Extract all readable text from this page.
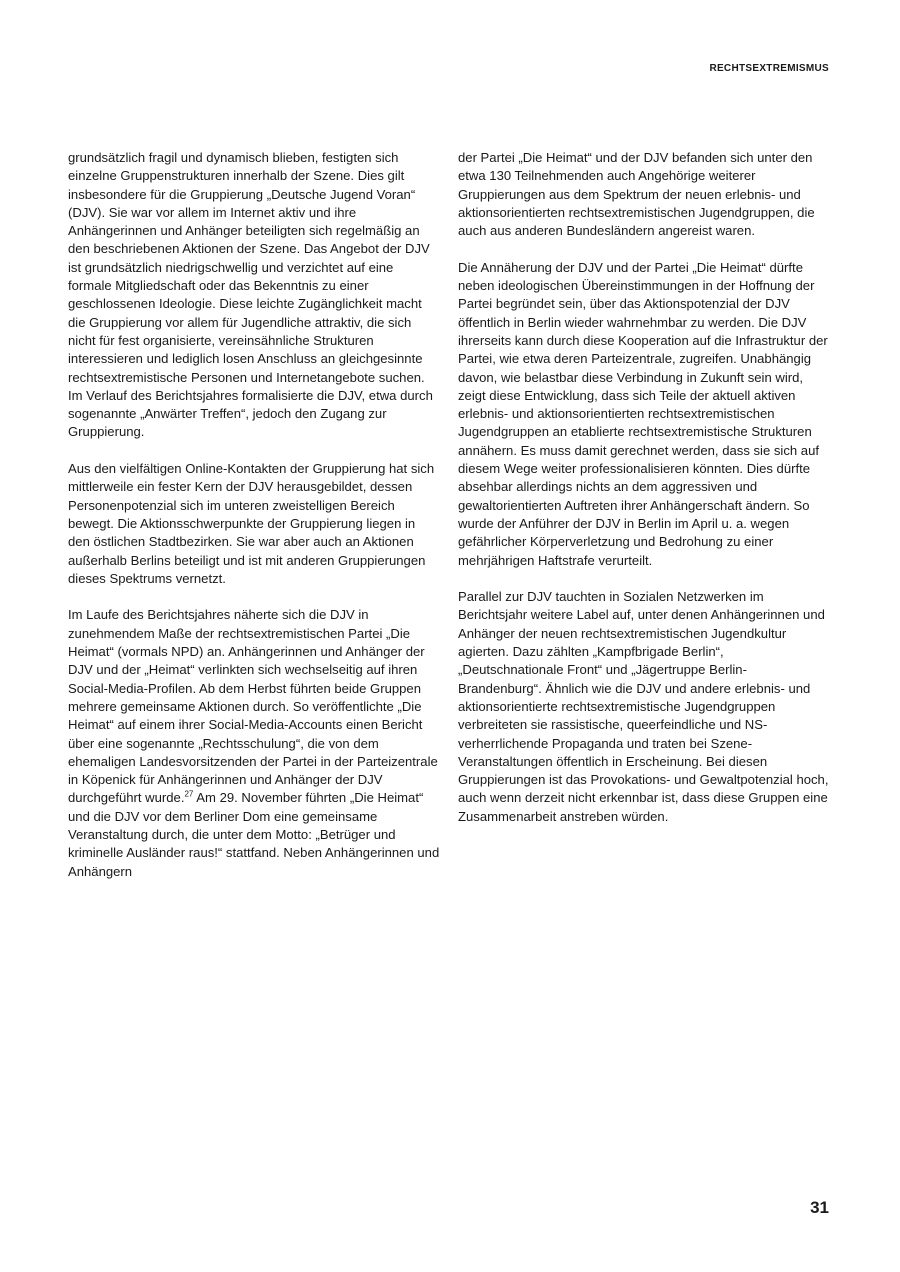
RECHTSEXTREMISMUS

grundsätzlich fragil und dynamisch blieben, festigten sich einzelne Gruppenstrukturen innerhalb der Szene. Dies gilt insbesondere für die Gruppierung „Deutsche Jugend Voran“ (DJV). Sie war vor allem im Internet aktiv und ihre Anhängerinnen und Anhänger beteiligten sich regelmäßig an den beschriebenen Aktionen der Szene. Das Angebot der DJV ist grundsätzlich niedrigschwellig und verzichtet auf eine formale Mitgliedschaft oder das Bekenntnis zu einer geschlossenen Ideologie. Diese leichte Zugänglichkeit macht die Gruppierung vor allem für Jugendliche attraktiv, die sich nicht für fest organisierte, vereinsähnliche Strukturen interessieren und lediglich losen Anschluss an gleichgesinnte rechtsextremistische Personen und Internetangebote suchen. Im Verlauf des Berichtsjahres formalisierte die DJV, etwa durch sogenannte „Anwärter Treffen“, jedoch den Zugang zur Gruppierung.

Aus den vielfältigen Online-Kontakten der Gruppierung hat sich mittlerweile ein fester Kern der DJV herausgebildet, dessen Personenpotenzial sich im unteren zweistelligen Bereich bewegt. Die Aktionsschwerpunkte der Gruppierung liegen in den östlichen Stadtbezirken. Sie war aber auch an Aktionen außerhalb Berlins beteiligt und ist mit anderen Gruppierungen dieses Spektrums vernetzt.

Im Laufe des Berichtsjahres näherte sich die DJV in zunehmendem Maße der rechtsextremistischen Partei „Die Heimat“ (vormals NPD) an. Anhängerinnen und Anhänger der DJV und der „Heimat“ verlinkten sich wechselseitig auf ihren Social-Media-Profilen. Ab dem Herbst führten beide Gruppen mehrere gemeinsame Aktionen durch. So veröffentlichte „Die Heimat“ auf einem ihrer Social-Media-Accounts einen Bericht über eine sogenannte „Rechtsschulung“, die von dem ehemaligen Landesvorsitzenden der Partei in der Parteizentrale in Köpenick für Anhängerinnen und Anhänger der DJV durchgeführt wurde.$^{27}$ Am 29. November führten „Die Heimat“ und die DJV vor dem Berliner Dom eine gemeinsame Veranstaltung durch, die unter dem Motto: „Betrüger und kriminelle Ausländer raus!“ stattfand. Neben Anhängerinnen und Anhängern

der Partei „Die Heimat“ und der DJV befanden sich unter den etwa 130 Teilnehmenden auch Angehörige weiterer Gruppierungen aus dem Spektrum der neuen erlebnis- und aktionsorientierten rechtsextremistischen Jugendgruppen, die auch aus anderen Bundesländern angereist waren.

Die Annäherung der DJV und der Partei „Die Heimat“ dürfte neben ideologischen Übereinstimmungen in der Hoffnung der Partei begründet sein, über das Aktionspotenzial der DJV öffentlich in Berlin wieder wahrnehmbar zu werden. Die DJV ihrerseits kann durch diese Kooperation auf die Infrastruktur der Partei, wie etwa deren Parteizentrale, zugreifen. Unabhängig davon, wie belastbar diese Verbindung in Zukunft sein wird, zeigt diese Entwicklung, dass sich Teile der aktuell aktiven erlebnis- und aktionsorientierten rechtsextremistischen Jugendgruppen an etablierte rechtsextremistische Strukturen annähern. Es muss damit gerechnet werden, dass sie sich auf diesem Wege weiter professionalisieren könnten. Dies dürfte absehbar allerdings nichts an dem aggressiven und gewaltorientierten Auftreten ihrer Anhängerschaft ändern. So wurde der Anführer der DJV in Berlin im April u. a. wegen gefährlicher Körperverletzung und Bedrohung zu einer mehrjährigen Haftstrafe verurteilt.

Parallel zur DJV tauchten in Sozialen Netzwerken im Berichtsjahr weitere Label auf, unter denen Anhängerinnen und Anhänger der neuen rechtsextremistischen Jugendkultur agierten. Dazu zählten „Kampfbrigade Berlin“, „Deutschnationale Front“ und „Jägertruppe Berlin-Brandenburg“. Ähnlich wie die DJV und andere erlebnis- und aktionsorientierte rechtsextremistische Jugendgruppen verbreiteten sie rassistische, queerfeindliche und NS-verherrlichende Propaganda und traten bei Szene-Veranstaltungen öffentlich in Erscheinung. Bei diesen Gruppierungen ist das Provokations- und Gewaltpotenzial hoch, auch wenn derzeit nicht erkennbar ist, dass diese Gruppen eine Zusammenarbeit anstreben würden.

31
